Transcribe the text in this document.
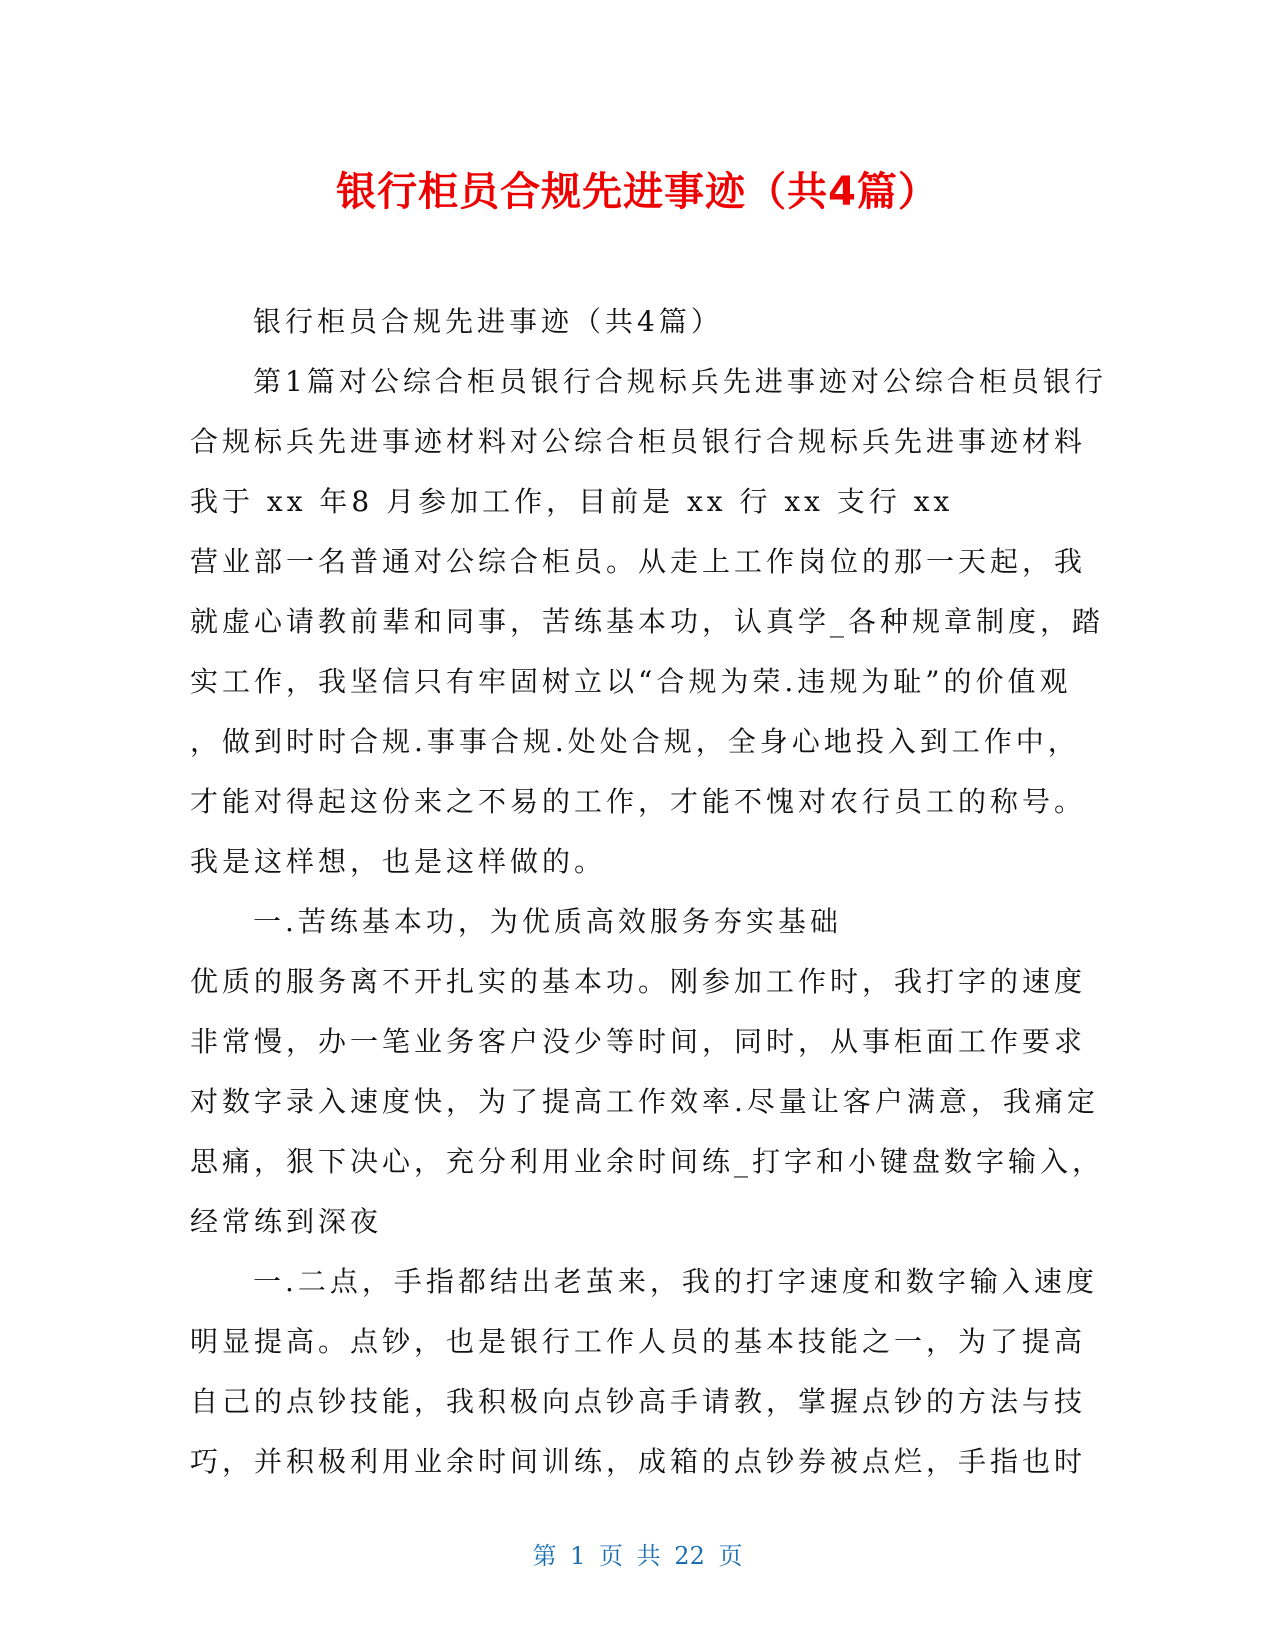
银行柜员合规先进事迹（共4篇）
银行柜员合规先进事迹（共4篇）
第1篇对公综合柜员银行合规标兵先进事迹对公综合柜员银行
合规标兵先进事迹材料对公综合柜员银行合规标兵先进事迹材料
我于 xx 年8 月参加工作，目前是 xx 行 xx 支行 xx
营业部一名普通对公综合柜员。从走上工作岗位的那一天起，我
就虚心请教前辈和同事，苦练基本功，认真学_各种规章制度，踏
实工作，我坚信只有牢固树立以“合规为荣.违规为耻”的价值观
，做到时时合规.事事合规.处处合规，全身心地投入到工作中，
才能对得起这份来之不易的工作，才能不愧对农行员工的称号。
我是这样想，也是这样做的。
一.苦练基本功，为优质高效服务夯实基础
优质的服务离不开扎实的基本功。刚参加工作时，我打字的速度
非常慢，办一笔业务客户没少等时间，同时，从事柜面工作要求
对数字录入速度快，为了提高工作效率.尽量让客户满意，我痛定
思痛，狠下决心，充分利用业余时间练_打字和小键盘数字输入，
经常练到深夜
一.二点，手指都结出老茧来，我的打字速度和数字输入速度
明显提高。点钞，也是银行工作人员的基本技能之一，为了提高
自己的点钞技能，我积极向点钞高手请教，掌握点钞的方法与技
巧，并积极利用业余时间训练，成箱的点钞券被点烂，手指也时
第 1 页 共 22 页
